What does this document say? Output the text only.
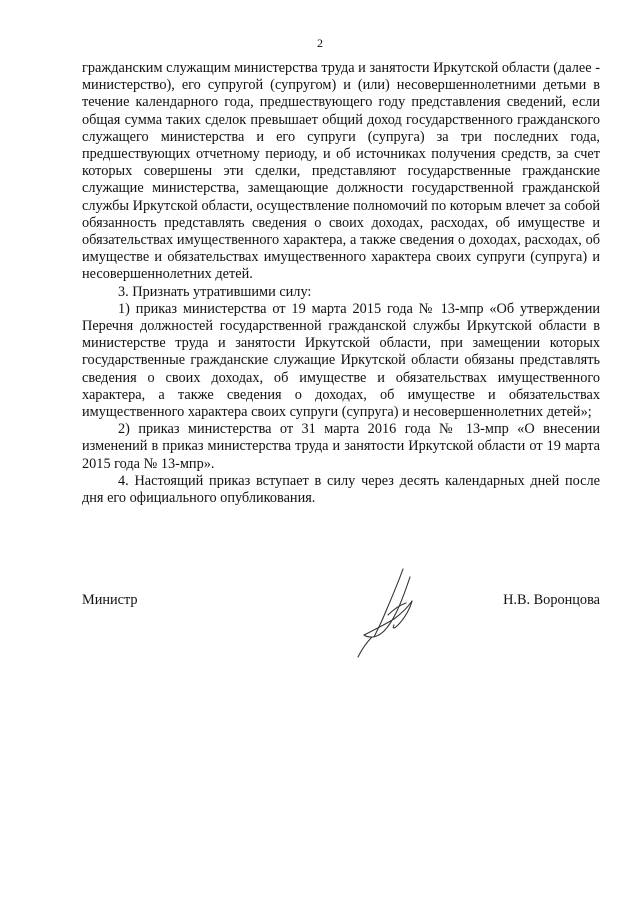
2

гражданским служащим министерства труда и занятости Иркутской области (далее - министерство), его супругой (супругом) и (или) несовершеннолетними детьми в течение календарного года, предшествующего году представления сведений, если общая сумма таких сделок превышает общий доход государственного гражданского служащего министерства и его супруги (супруга) за три последних года, предшествующих отчетному периоду, и об источниках получения средств, за счет которых совершены эти сделки, представляют государственные гражданские служащие министерства, замещающие должности государственной гражданской службы Иркутской области, осуществление полномочий по которым влечет за собой обязанность представлять сведения о своих доходах, расходах, об имуществе и обязательствах имущественного характера, а также сведения о доходах, расходах, об имуществе и обязательствах имущественного характера своих супруги (супруга) и несовершеннолетних детей.

3. Признать утратившими силу:

1) приказ министерства от 19 марта 2015 года № 13-мпр «Об утверждении Перечня должностей государственной гражданской службы Иркутской области в министерстве труда и занятости Иркутской области, при замещении которых государственные гражданские служащие Иркутской области обязаны представлять сведения о своих доходах, об имуществе и обязательствах имущественного характера, а также сведения о доходах, об имуществе и обязательствах имущественного характера своих супруги (супруга) и несовершеннолетних детей»;

2) приказ министерства от 31 марта 2016 года № 13-мпр «О внесении изменений в приказ министерства труда и занятости Иркутской области от 19 марта 2015 года № 13-мпр».

4. Настоящий приказ вступает в силу через десять календарных дней после дня его официального опубликования.

Министр	Н.В. Воронцова
